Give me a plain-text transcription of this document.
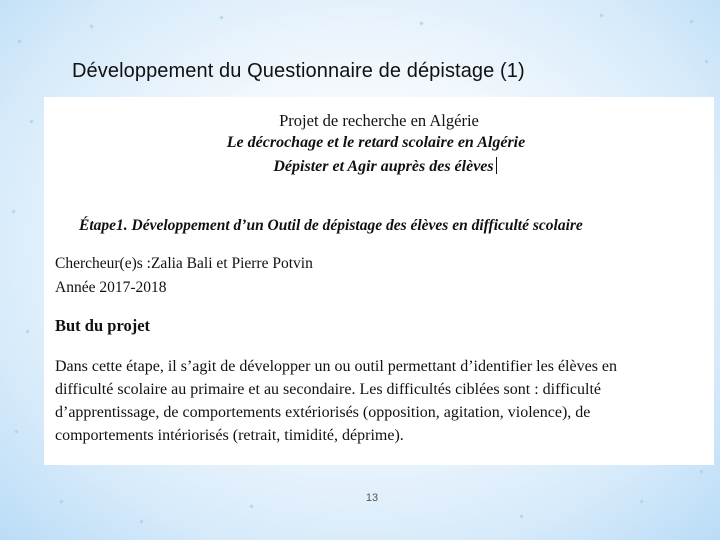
Développement du Questionnaire de dépistage (1)
Projet de recherche en Algérie
Le décrochage et le retard scolaire en Algérie
Dépister et Agir auprès des élèves
Étape1. Développement d’un Outil de dépistage des élèves en difficulté scolaire
Chercheur(e)s :Zalia Bali et Pierre Potvin
Année 2017-2018
But du projet
Dans cette étape, il s’agit de développer un ou outil permettant d’identifier les élèves en
difficulté scolaire au primaire et au secondaire. Les difficultés ciblées sont : difficulté
d’apprentissage, de comportements extériorisés (opposition, agitation, violence), de
comportements intériorisés (retrait, timidité, déprime).
13
